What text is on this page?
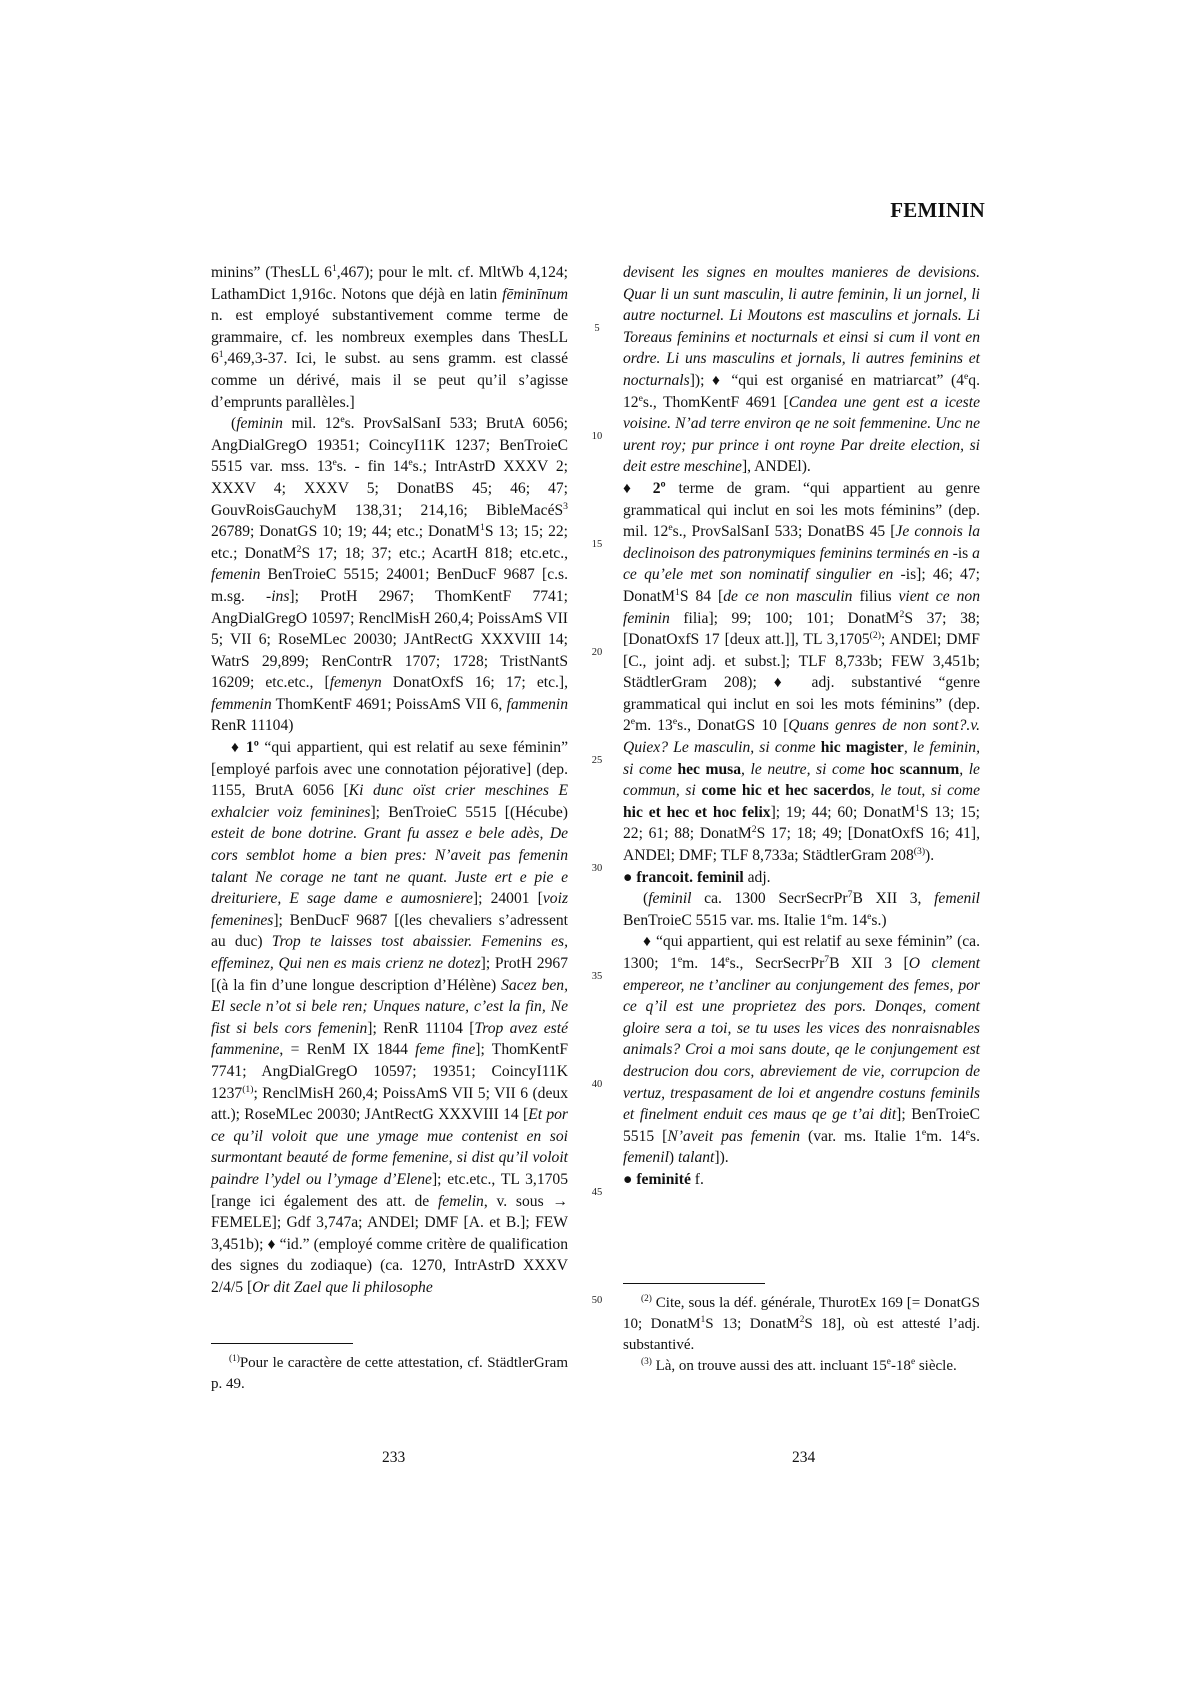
FEMININ

minins” (ThesLL $6^1,467$); pour le mlt. cf. MltWb 4,124; LathamDict 1,916c. Notons que déjà en latin fēminīnum n. est employé substantivement comme terme de grammaire, cf. les nombreux exemples dans ThesLL $6^1,469,3-37$. Ici, le subst. au sens gramm. est classé comme un dérivé, mais il se peut qu’il s’agisse d’emprunts parallèles.]

(feminin mil. 12es. ProvSalSanI 533; BrutA 6056; AngDialGregO 19351; CoincyI11K 1237; BenTroieC 5515 var. mss. 13es. - fin 14es.; IntrAstrD XXXV 2; XXXV 4; XXXV 5; DonatBS 45; 46; 47; GouvRoisGauchyM 138,31; 214,16; BibleMacéS$^3$ 26789; DonatGS 10; 19; 44; etc.; DonatM$^1$S 13; 15; 22; etc.; DonatM$^2$S 17; 18; 37; etc.; AcartH 818; etc.etc., femenin BenTroieC 5515; 24001; BenDucF 9687 [c.s. m.sg. -ins]; ProtH 2967; ThomKentF 7741; AngDialGregO 10597; RenclMisH 260,4; PoissAmS VII 5; VII 6; RoseMLec 20030; JAntRectG XXXVIII 14; WatrS 29,899; RenContrR 1707; 1728; TristNantS 16209; etc.etc., [femenyn DonatOxfS 16; 17; etc.], femmenin ThomKentF 4691; PoissAmS VII 6, fammenin RenR 11104)

♦ 1º “qui appartient, qui est relatif au sexe féminin” [employé parfois avec une connotation péjorative] (dep. 1155, BrutA 6056 [Ki dunc oïst crier meschines E exhalcier voiz feminines]; BenTroieC 5515 [(Hécube) esteit de bone dotrine. Grant fu assez e bele adès, De cors semblot home a bien pres: N’aveit pas femenin talant Ne corage ne tant ne quant. Juste ert e pie e dreituriere, E sage dame e aumosniere]; 24001 [voiz femenines]; BenDucF 9687 [(les chevaliers s’adressent au duc) Trop te laisses tost abaissier. Femenins es, effeminez, Qui nen es mais crienz ne dotez]; ProtH 2967 [(à la fin d’une longue description d’Hélène) Sacez ben, El secle n’ot si bele ren; Unques nature, c’est la fin, Ne fist si bels cors femenin]; RenR 11104 [Trop avez esté fammenine, = RenM IX 1844 feme fine]; ThomKentF 7741; AngDialGregO 10597; 19351; CoincyI11K 1237$^{(1)}$; RenclMisH 260,4; PoissAmS VII 5; VII 6 (deux att.); RoseMLec 20030; JAntRectG XXXVIII 14 [Et por ce qu’il voloit que une ymage mue contenist en soi surmontant beauté de forme femenine, si dist qu’il voloit paindre l’ydel ou l’ymage d’Elene]; etc.etc., TL 3,1705 [range ici également des att. de femelin, v. sous → FEMELE]; Gdf 3,747a; ANDEl; DMF [A. et B.]; FEW 3,451b); ♦ “id.” (employé comme critère de qualification des signes du zodiaque) (ca. 1270, IntrAstrD XXXV 2/4/5 [Or dit Zael que li philosophe

devisent les signes en moultes manieres de devisions. Quar li un sunt masculin, li autre feminin, li un jornel, li autre nocturnel. Li Moutons est masculins et jornals. Li Toreaus feminins et nocturnals et einsi si cum il vont en ordre. Li uns masculins et jornals, li autres feminins et nocturnals]); ♦ “qui est organisé en matriarcat” (4eq. 12es., ThomKentF 4691 [Candea une gent est a iceste voisine. N’ad terre environ qe ne soit femmenine. Unc ne urent roy; pur prince i ont royne Par dreite election, si deit estre meschine], ANDEl).

♦ 2º terme de gram. “qui appartient au genre grammatical qui inclut en soi les mots féminins” (dep. mil. 12es., ProvSalSanI 533; DonatBS 45 [Je connois la declinoison des patronymiques feminins terminés en -is a ce qu’ele met son nominatif singulier en -is]; 46; 47; DonatM$^1$S 84 [de ce non masculin filius vient ce non feminin filia]; 99; 100; 101; DonatM$^2$S 37; 38; [DonatOxfS 17 [deux att.]], TL 3,1705$^{(2)}$; ANDEl; DMF [C., joint adj. et subst.]; TLF 8,733b; FEW 3,451b; StädtlerGram 208); ♦ adj. substantivé “genre grammatical qui inclut en soi les mots féminins” (dep. 2em. 13es., DonatGS 10 [Quans genres de non sont?.v. Quiex? Le masculin, si conme hic magister, le feminin, si come hec musa, le neutre, si come hoc scannum, le commun, si come hic et hec sacerdos, le tout, si come hic et hec et hoc felix]; 19; 44; 60; DonatM$^1$S 13; 15; 22; 61; 88; DonatM$^2$S 17; 18; 49; [DonatOxfS 16; 41], ANDEl; DMF; TLF 8,733a; StädtlerGram 208$^{(3)}$).

● francoit. feminil adj.

(feminil ca. 1300 SecrSecrPr$^7$B XII 3, femenil BenTroieC 5515 var. ms. Italie 1em. 14es.)

♦ “qui appartient, qui est relatif au sexe féminin” (ca. 1300; 1em. 14es., SecrSecrPr$^7$B XII 3 [O clement empereor, ne t’ancliner au conjungement des femes, por ce q’il est une proprietez des pors. Donqes, coment gloire sera a toi, se tu uses les vices des nonraisnables animals? Croi a moi sans doute, qe le conjungement est destrucion dou cors, abreviement de vie, corrupcion de vertuz, trespasament de loi et angendre costuns feminils et finelment enduit ces maus qe ge t’ai dit]; BenTroieC 5515 [N’aveit pas femenin (var. ms. Italie 1em. 14es. femenil) talant]).

● feminité f.

5
10
15
20
25
30
35
40
45
50

$^{(1)}$Pour le caractère de cette attestation, cf. StädtlerGram p. 49.

$^{(2)}$ Cite, sous la déf. générale, ThurotEx 169 [= DonatGS 10; DonatM$^1$S 13; DonatM$^2$S 18], où est attesté l’adj. substantivé.

$^{(3)}$ Là, on trouve aussi des att. incluant 15e-18e siècle.

233	234
